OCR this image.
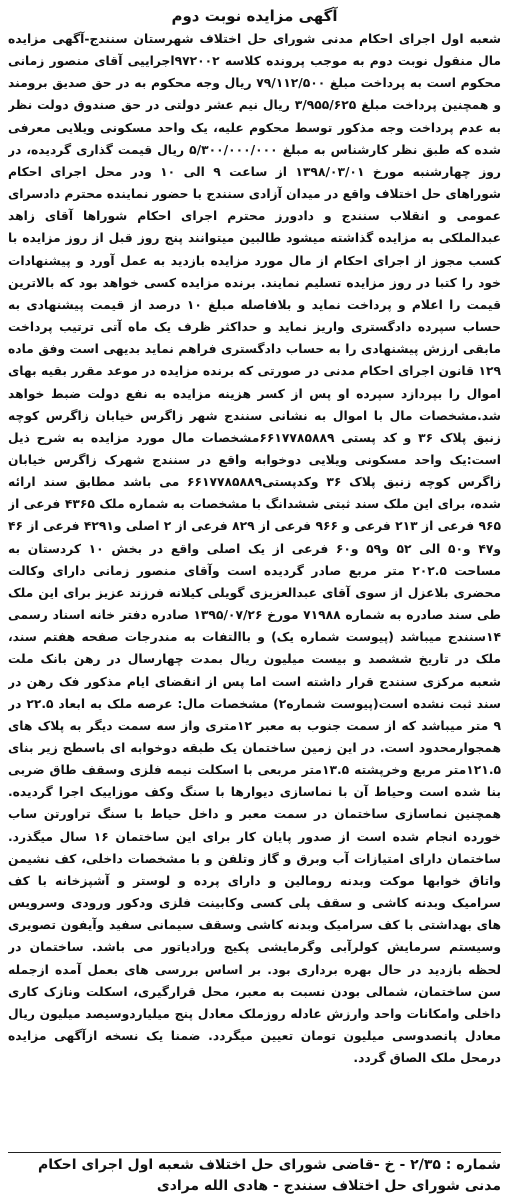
آگهی مزایده نوبت دوم

شعبه اول اجرای احکام مدنی شورای حل اختلاف شهرستان سنندج-آگهی مزایده مال منقول نوبت دوم به موجب پرونده کلاسه ۹۷۲۰۰۲اجراییی آقای منصور زمانی محکوم است به پرداخت مبلغ ۷۹/۱۱۲/۵۰۰ ریال وجه محکوم به در حق صدیق برومند و همچنین پرداخت مبلغ ۳/۹۵۵/۶۲۵ ریال نیم عشر دولتی در حق صندوق دولت نظر به عدم پرداخت وجه مذکور توسط محکوم علیه، یک واحد مسکونی ویلایی معرفی شده که طبق نظر کارشناس به مبلغ ۵/۳۰۰/۰۰۰/۰۰۰ ریال قیمت گذاری گردیده، در روز چهارشنبه مورخ ۱۳۹۸/۰۳/۰۱ از ساعت ۹ الی ۱۰ ودر محل اجرای احکام شوراهای حل اختلاف واقع در میدان آزادی سنندج با حضور نماینده محترم دادسرای عمومی و انقلاب سنندج و دادورز محترم اجرای احکام شوراها آقای زاهد عبدالملکی به مزایده گذاشته میشود طالبین میتوانند پنج روز قبل از روز مزایده با کسب مجوز از اجرای احکام از مال مورد مزایده بازدید به عمل آورد و پیشنهادات خود را کتبا در روز مزایده تسلیم نمایند. برنده مزایده کسی خواهد بود که بالاترین قیمت را اعلام و پرداخت نماید و بلافاصله مبلغ ۱۰ درصد از قیمت پیشنهادی به حساب سپرده دادگستری واریز نماید و حداکثر ظرف یک ماه آتی ترتیب پرداخت مابقی ارزش پیشنهادی را به حساب دادگستری فراهم نماید بدیهی است وفق ماده ۱۲۹ قانون اجرای احکام مدنی در صورتی که برنده مزایده در موعد مقرر بقیه بهای اموال را بپردازد سپرده او پس از کسر هزینه مزایده به نفع دولت ضبط خواهد شد.مشخصات مال با اموال به نشانی سنندج شهر زاگرس خیابان زاگرس کوچه زنبق پلاک ۳۶ و کد پستی ۶۶۱۷۷۸۵۸۸۹مشخصات مال مورد مزایده به شرح ذیل است:یک واحد مسکونی ویلایی دوخوابه واقع در سنندج شهرک زاگرس خیابان زاگرس کوچه زنبق پلاک ۳۶ وکدپستی۶۶۱۷۷۸۵۸۸۹ می باشد مطابق سند ارائه شده، برای این ملک سند ثبتی ششدانگ با مشخصات به شماره ملک ۴۳۶۵ فرعی از ۹۶۵ فرعی از ۲۱۳ فرعی و ۹۶۶ فرعی از ۸۲۹ فرعی از ۲ اصلی و۴۲۹۱ فرعی از ۴۶ و۴۷ و۵۰ الی ۵۲ و۵۹ و۶۰ فرعی از یک اصلی واقع در بخش ۱۰ کردستان به مساحت ۲۰۲.۵ متر مربع صادر گردیده است وآقای منصور زمانی دارای وکالت محضری بلاعزل از سوی آقای عبدالعزیزی گویلی کیلانه فرزند عزیز برای این ملک طی سند صادره به شماره ۷۱۹۸۸ مورخ ۱۳۹۵/۰۷/۲۶ صادره دفتر خانه اسناد رسمی ۱۴سنندج میباشد (پیوست شماره یک) و باالتفات به مندرجات صفحه هفتم سند، ملک در تاریخ ششصد و بیست میلیون ریال بمدت چهارسال در رهن بانک ملت شعبه مرکزی سنندج قرار داشته است اما پس از انقضای ایام مذکور فک رهن در سند ثبت نشده است(پیوست شماره۲) مشخصات مال: عرصه ملک به ابعاد ۲۲.۵ در ۹ متر میباشد که از سمت جنوب به معبر ۱۲متری واز سه سمت دیگر به پلاک های همجوارمحدود است. در این زمین ساختمان یک طبقه دوخوابه ای باسطح زیر بنای ۱۲۱.۵متر مربع وخرپشته ۱۳.۵متر مربعی با اسکلت نیمه فلزی وسقف طاق ضربی بنا شده است وحیاط آن با نماسازی دیوارها با سنگ وکف موزاییک اجرا گردیده. همچنین نماسازی ساختمان در سمت معبر و داخل حیاط با سنگ تراورتن ساب خورده انجام شده است از صدور پایان کار برای این ساختمان ۱۶ سال میگذرد. ساختمان دارای امتیازات آب وبرق و گاز وتلفن و با مشخصات داخلی، کف نشیمن واتاق خوابها موکت وبدنه رومالین و دارای پرده و لوستر و آشپزخانه با کف سرامیک وبدنه کاشی و سقف پلی کسی وکابینت فلزی ودکور ورودی وسرویس های بهداشتی با کف سرامیک وبدنه کاشی وسقف سیمانی سفید وآیفون تصویری وسیستم سرمایش کولرآبی وگرمایشی پکیج ورادیاتور می باشد. ساختمان در لحظه بازدید در حال بهره برداری بود. بر اساس بررسی های بعمل آمده ازجمله سن ساختمان، شمالی بودن نسبت به معبر، محل قرارگیری، اسکلت ونازک کاری داخلی وامکانات واحد وارزش عادله روزملک معادل پنج میلیاردوسیصد میلیون ریال معادل پانصدوسی میلیون تومان تعیین میگردد. ضمنا یک نسخه ازآگهی مزایده درمحل ملک الصاق گردد.

شماره : ۲/۳۵ - خ -قاضی شورای حل اختلاف شعبه اول اجرای احکام
مدنی شورای حل اختلاف سنندج - هادی الله مرادی
